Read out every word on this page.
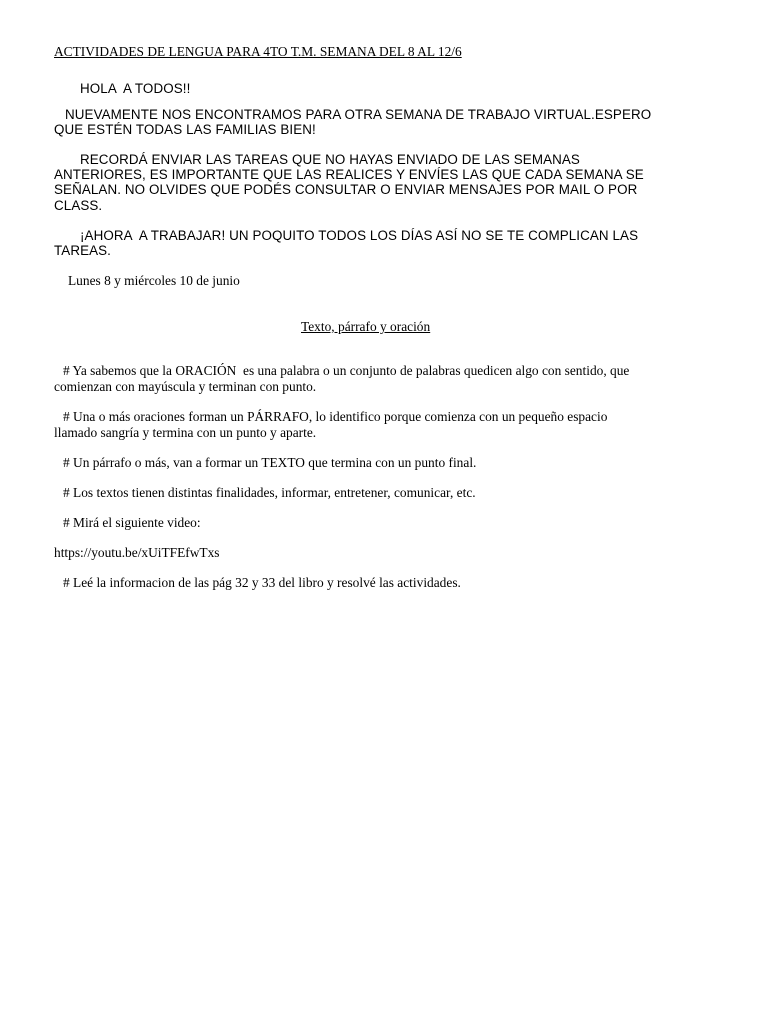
ACTIVIDADES DE LENGUA PARA 4TO T.M. SEMANA DEL 8 AL 12/6
HOLA  A TODOS!!
NUEVAMENTE NOS ENCONTRAMOS PARA OTRA SEMANA DE TRABAJO VIRTUAL.ESPERO
QUE ESTÉN TODAS LAS FAMILIAS BIEN!
RECORDÁ ENVIAR LAS TAREAS QUE NO HAYAS ENVIADO DE LAS SEMANAS
ANTERIORES, ES IMPORTANTE QUE LAS REALICES Y ENVÍES LAS QUE CADA SEMANA SE
SEÑALAN. NO OLVIDES QUE PODÉS CONSULTAR O ENVIAR MENSAJES POR MAIL O POR
CLASS.
¡AHORA  A TRABAJAR! UN POQUITO TODOS LOS DÍAS ASÍ NO SE TE COMPLICAN LAS
TAREAS.
Lunes 8 y miércoles 10 de junio
Texto, párrafo y oración
# Ya sabemos que la ORACIÓN  es una palabra o un conjunto de palabras quedicen algo con sentido, que
comienzan con mayúscula y terminan con punto.
# Una o más oraciones forman un PÁRRAFO, lo identifico porque comienza con un pequeño espacio
llamado sangría y termina con un punto y aparte.
# Un párrafo o más, van a formar un TEXTO que termina con un punto final.
# Los textos tienen distintas finalidades, informar, entretener, comunicar, etc.
# Mirá el siguiente video:
https://youtu.be/xUiTFEfwTxs
# Leé la informacion de las pág 32 y 33 del libro y resolvé las actividades.
